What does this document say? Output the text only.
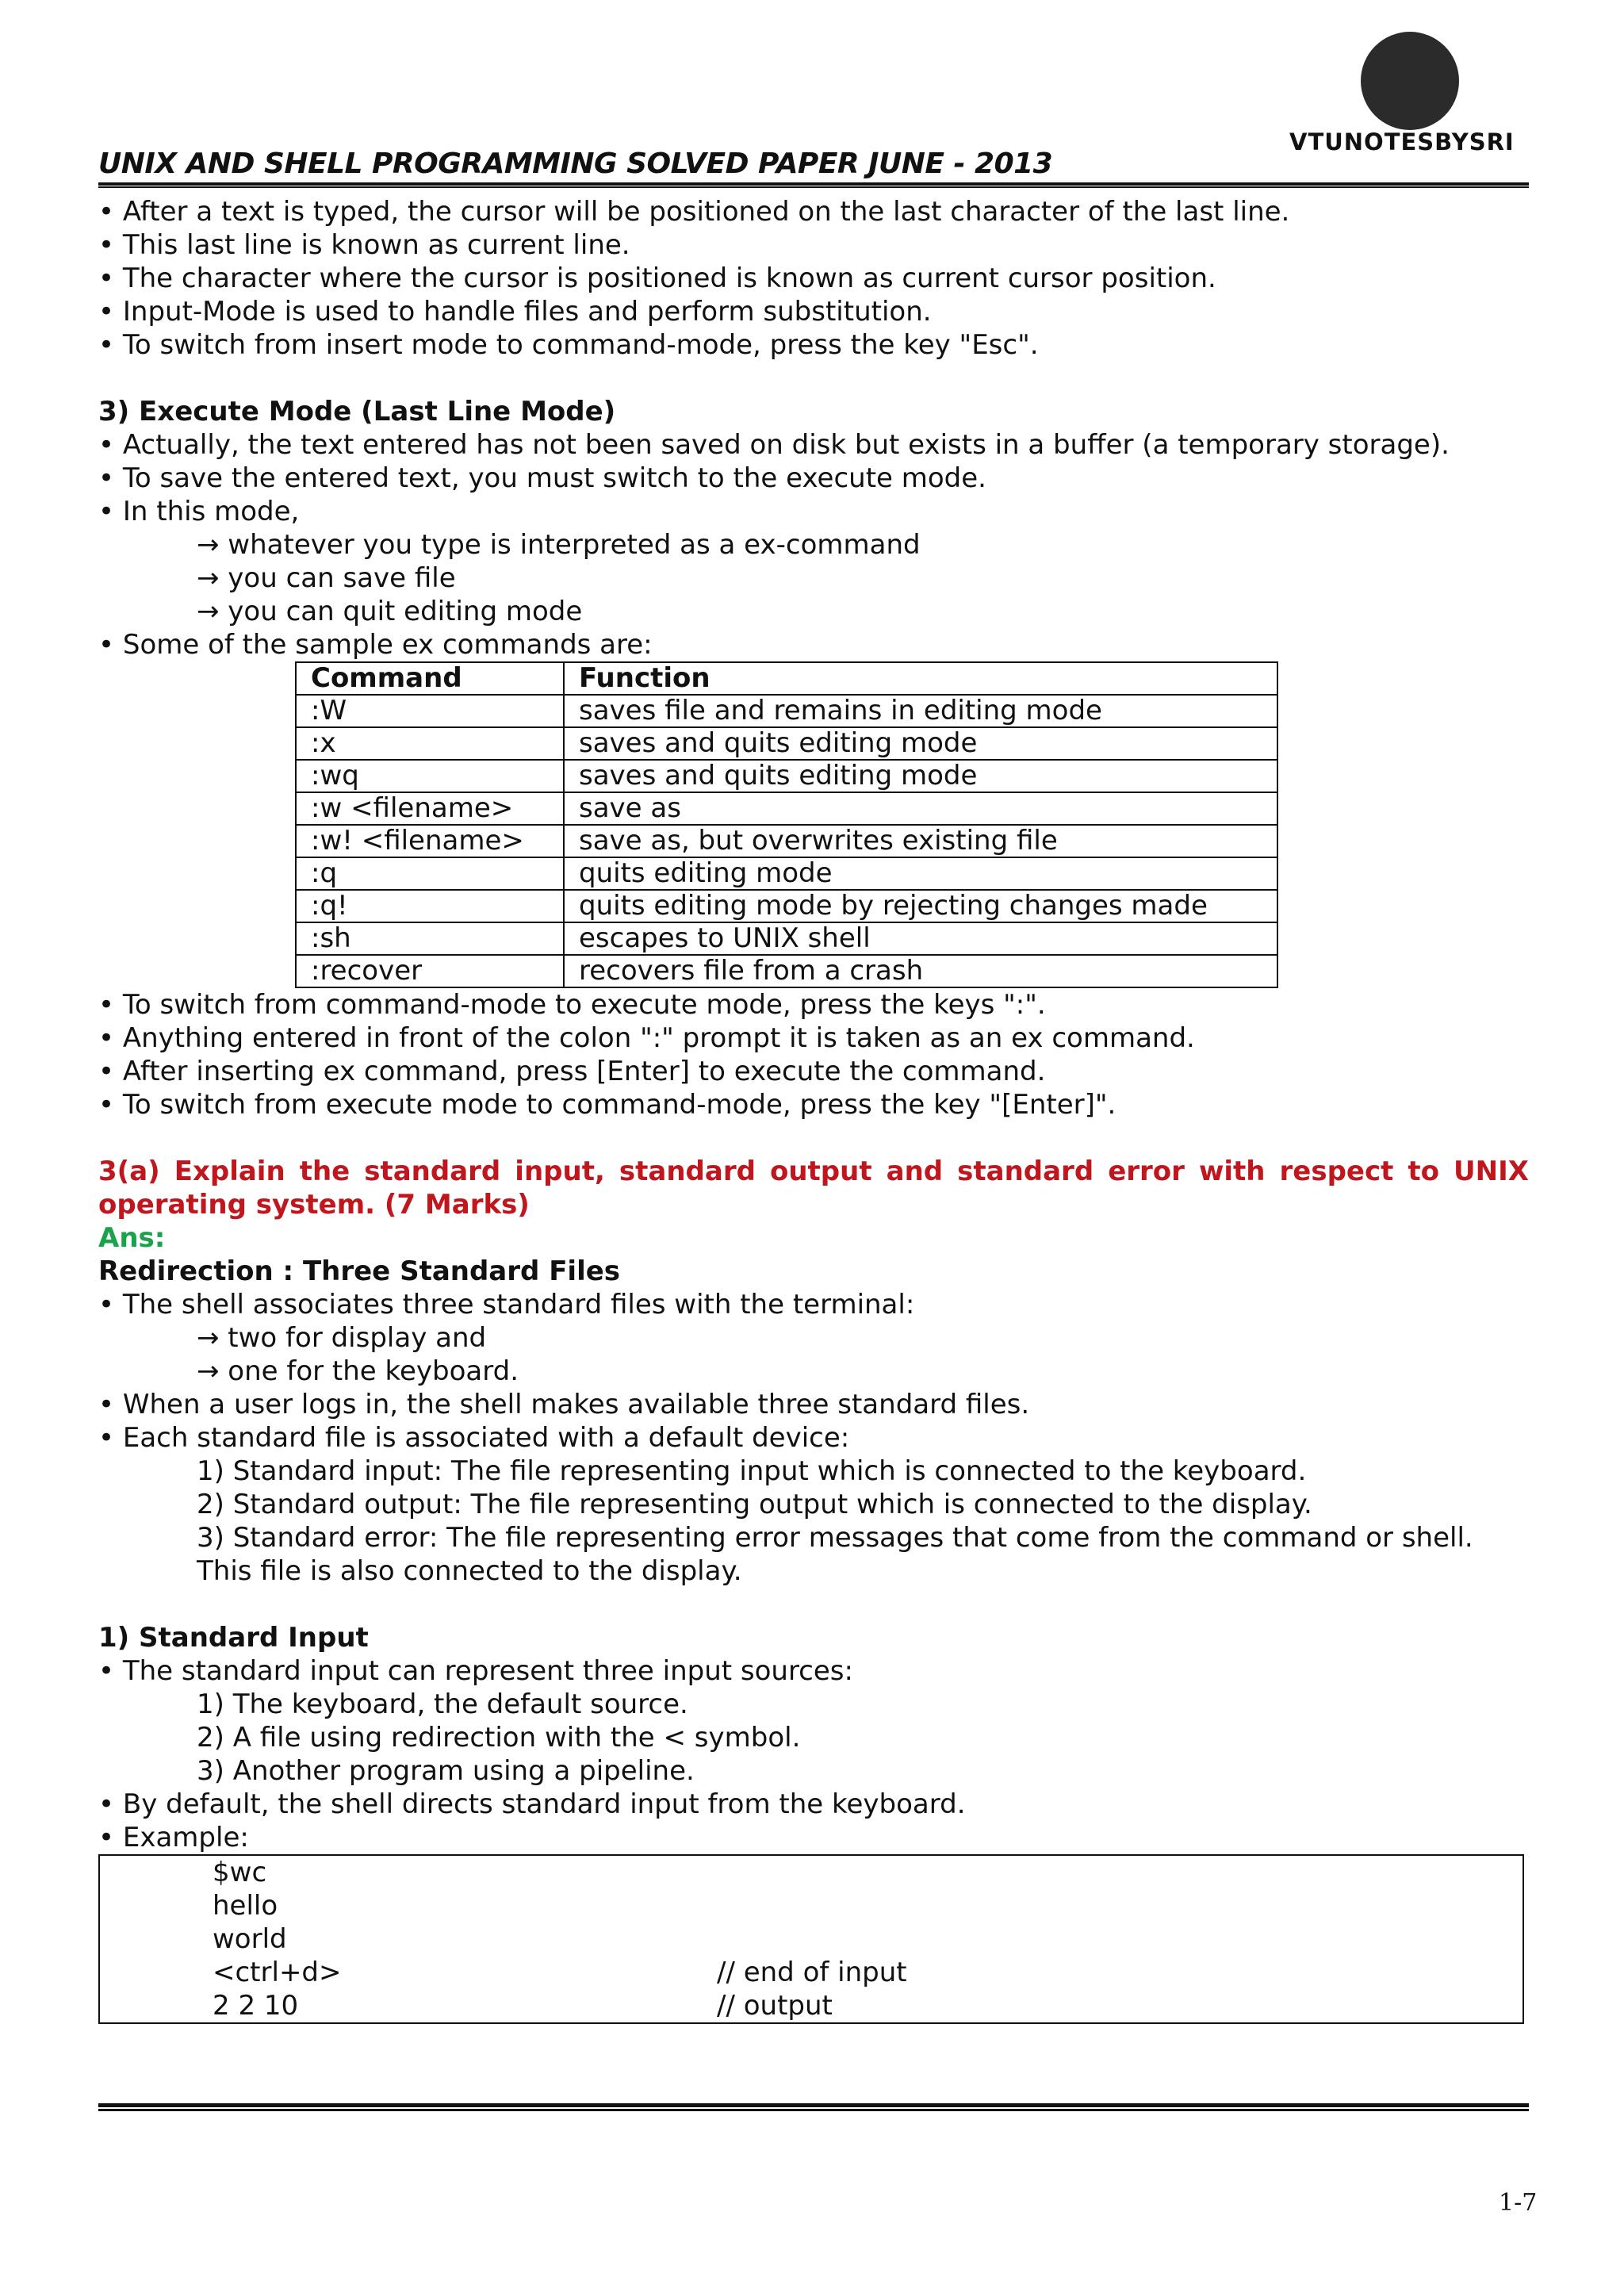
VTUNOTESBYSRI
UNIX AND SHELL PROGRAMMING SOLVED PAPER JUNE - 2013
• After a text is typed, the cursor will be positioned on the last character of the last line.
• This last line is known as current line.
• The character where the cursor is positioned is known as current cursor position.
• Input-Mode is used to handle files and perform substitution.
• To switch from insert mode to command-mode, press the key "Esc".
3) Execute Mode (Last Line Mode)
• Actually, the text entered has not been saved on disk but exists in a buffer (a temporary storage).
• To save the entered text, you must switch to the execute mode.
• In this mode,
→ whatever you type is interpreted as a ex-command
→ you can save file
→ you can quit editing mode
• Some of the sample ex commands are:
Command	Function
:W	saves file and remains in editing mode
:x	saves and quits editing mode
:wq	saves and quits editing mode
:w <filename>	save as
:w! <filename>	save as, but overwrites existing file
:q	quits editing mode
:q!	quits editing mode by rejecting changes made
:sh	escapes to UNIX shell
:recover	recovers file from a crash
• To switch from command-mode to execute mode, press the keys ":".
• Anything entered in front of the colon ":" prompt it is taken as an ex command.
• After inserting ex command, press [Enter] to execute the command.
• To switch from execute mode to command-mode, press the key "[Enter]".
3(a) Explain the standard input, standard output and standard error with respect to UNIX operating system. (7 Marks)
Ans:
Redirection : Three Standard Files
• The shell associates three standard files with the terminal:
→ two for display and
→ one for the keyboard.
• When a user logs in, the shell makes available three standard files.
• Each standard file is associated with a default device:
1) Standard input: The file representing input which is connected to the keyboard.
2) Standard output: The file representing output which is connected to the display.
3) Standard error: The file representing error messages that come from the command or shell.
This file is also connected to the display.
1) Standard Input
• The standard input can represent three input sources:
1) The keyboard, the default source.
2) A file using redirection with the < symbol.
3) Another program using a pipeline.
• By default, the shell directs standard input from the keyboard.
• Example:
$wc
hello
world
<ctrl+d>	// end of input
2 2 10	// output
1-7
